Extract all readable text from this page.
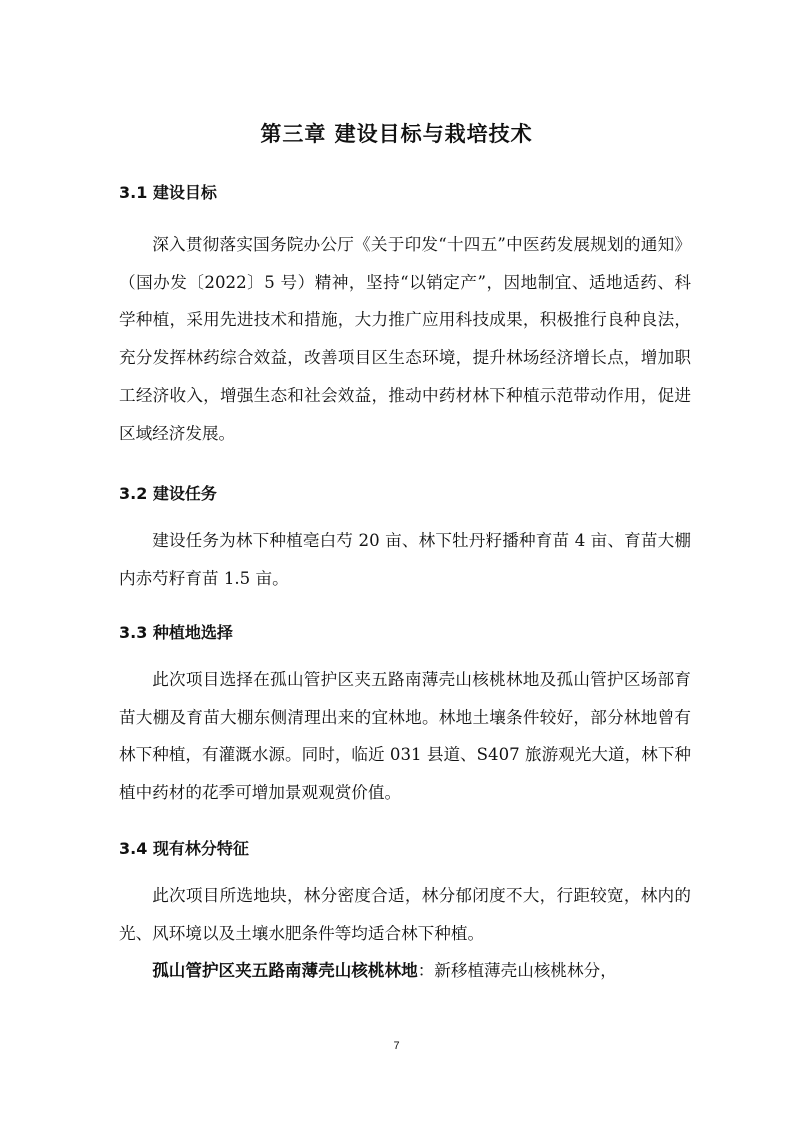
第三章 建设目标与栽培技术
3.1 建设目标

深入贯彻落实国务院办公厅《关于印发“十四五”中医药发展规划的通知》（国办发〔2022〕5 号）精神，坚持“以销定产”，因地制宜、适地适药、科学种植，采用先进技术和措施，大力推广应用科技成果，积极推行良种良法，充分发挥林药综合效益，改善项目区生态环境，提升林场经济增长点，增加职工经济收入，增强生态和社会效益，推动中药材林下种植示范带动作用，促进区域经济发展。

3.2 建设任务

建设任务为林下种植亳白芍 20 亩、林下牡丹籽播种育苗 4 亩、育苗大棚内赤芍籽育苗 1.5 亩。

3.3 种植地选择

此次项目选择在孤山管护区夹五路南薄壳山核桃林地及孤山管护区场部育苗大棚及育苗大棚东侧清理出来的宜林地。林地土壤条件较好，部分林地曾有林下种植，有灌溉水源。同时，临近 031 县道、S407 旅游观光大道，林下种植中药材的花季可增加景观观赏价值。

3.4 现有林分特征

此次项目所选地块，林分密度合适，林分郁闭度不大，行距较宽，林内的光、风环境以及土壤水肥条件等均适合林下种植。

孤山管护区夹五路南薄壳山核桃林地：新移植薄壳山核桃林分，

7
